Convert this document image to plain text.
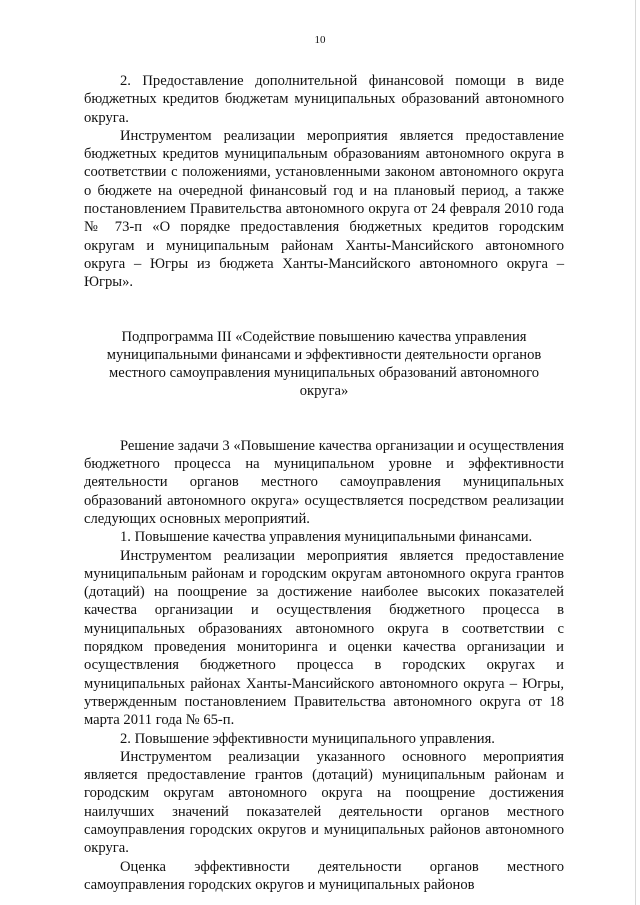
10

2. Предоставление дополнительной финансовой помощи в виде бюджетных кредитов бюджетам муниципальных образований автономного округа.

Инструментом реализации мероприятия является предоставление бюджетных кредитов муниципальным образованиям автономного округа в соответствии с положениями, установленными законом автономного округа о бюджете на очередной финансовый год и на плановый период, а также постановлением Правительства автономного округа от 24 февраля 2010 года № 73-п «О порядке предоставления бюджетных кредитов городским округам и муниципальным районам Ханты-Мансийского автономного округа – Югры из бюджета Ханты-Мансийского автономного округа – Югры».

Подпрограмма III «Содействие повышению качества управления муниципальными финансами и эффективности деятельности органов местного самоуправления муниципальных образований автономного округа»

Решение задачи 3 «Повышение качества организации и осуществления бюджетного процесса на муниципальном уровне и эффективности деятельности органов местного самоуправления муниципальных образований автономного округа» осуществляется посредством реализации следующих основных мероприятий.

1. Повышение качества управления муниципальными финансами.

Инструментом реализации мероприятия является предоставление муниципальным районам и городским округам автономного округа грантов (дотаций) на поощрение за достижение наиболее высоких показателей качества организации и осуществления бюджетного процесса в муниципальных образованиях автономного округа в соответствии с порядком проведения мониторинга и оценки качества организации и осуществления бюджетного процесса в городских округах и муниципальных районах Ханты-Мансийского автономного округа – Югры, утвержденным постановлением Правительства автономного округа от 18 марта 2011 года № 65-п.

2. Повышение эффективности муниципального управления.

Инструментом реализации указанного основного мероприятия является предоставление грантов (дотаций) муниципальным районам и городским округам автономного округа на поощрение достижения наилучших значений показателей деятельности органов местного самоуправления городских округов и муниципальных районов автономного округа.

Оценка эффективности деятельности органов местного самоуправления городских округов и муниципальных районов
